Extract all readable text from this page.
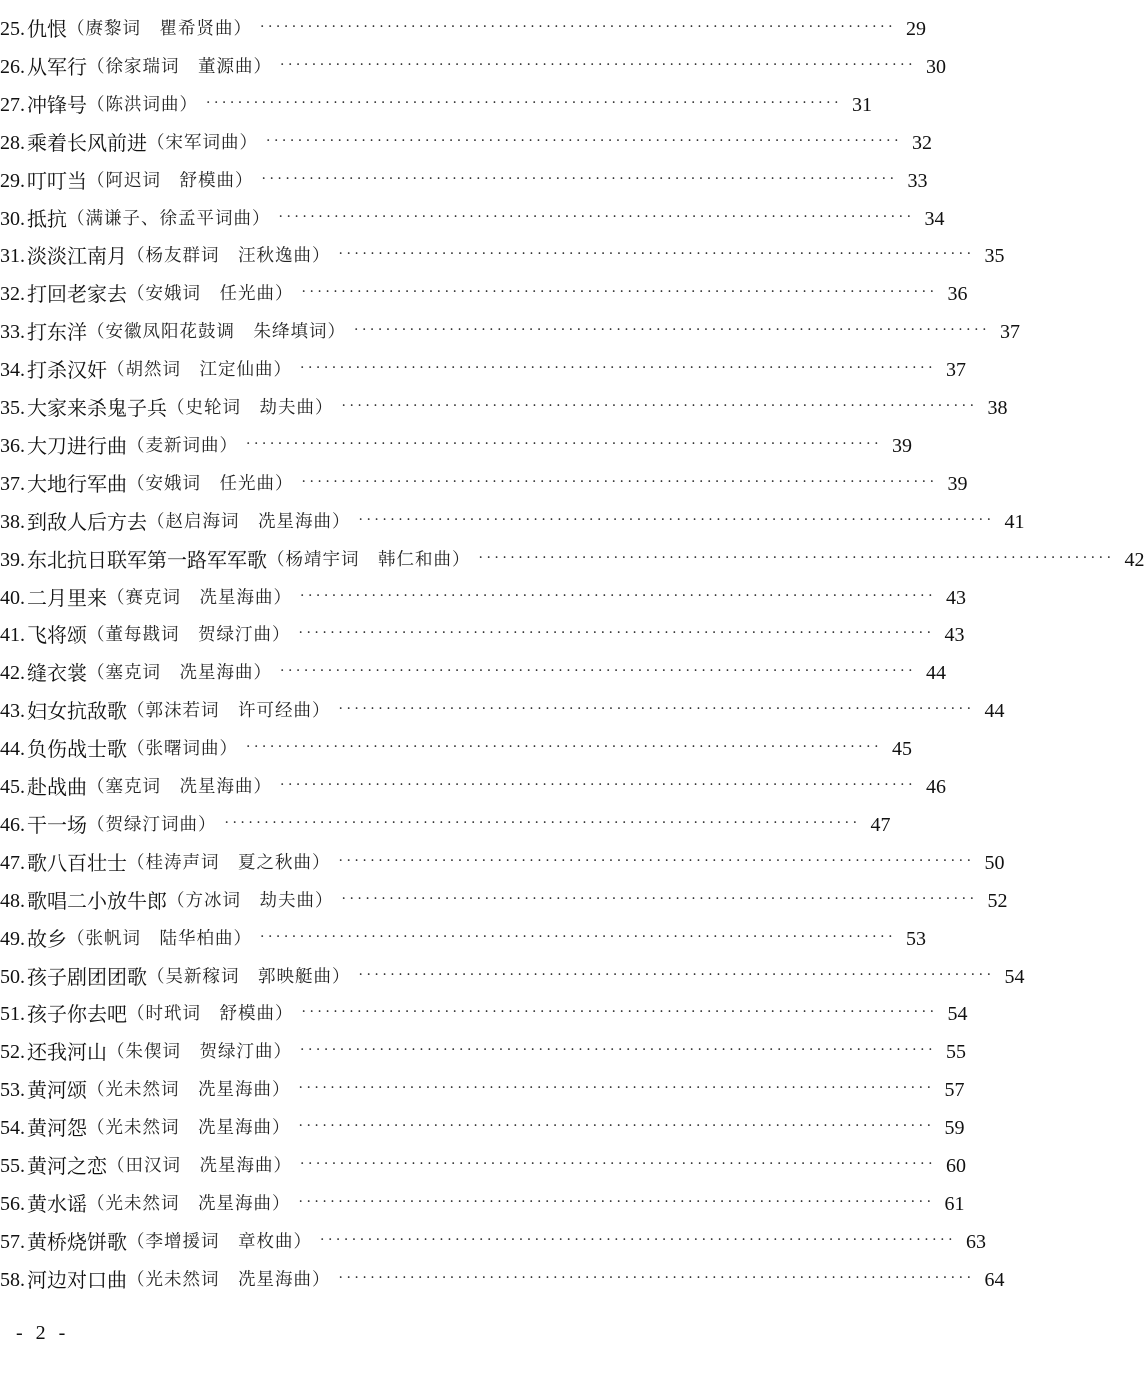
25. 仇恨 （赓黎词　瞿希贤曲） ················································································ 29
26. 从军行 （徐家瑞词　董源曲） ················································································ 30
27. 冲锋号 （陈洪词曲） ················································································ 31
28. 乘着长风前进 （宋军词曲） ················································································ 32
29. 叮叮当 （阿迟词　舒模曲） ················································································ 33
30. 抵抗 （满谦子、徐孟平词曲） ················································································ 34
31. 淡淡江南月 （杨友群词　汪秋逸曲） ················································································ 35
32. 打回老家去 （安娥词　任光曲） ················································································ 36
33. 打东洋 （安徽凤阳花鼓调　朱绛填词） ················································································ 37
34. 打杀汉奸 （胡然词　江定仙曲） ················································································ 37
35. 大家来杀鬼子兵 （史轮词　劫夫曲） ················································································ 38
36. 大刀进行曲 （麦新词曲） ················································································ 39
37. 大地行军曲 （安娥词　任光曲） ················································································ 39
38. 到敌人后方去 （赵启海词　冼星海曲） ················································································ 41
39. 东北抗日联军第一路军军歌 （杨靖宇词　韩仁和曲） ················································································ 42
40. 二月里来 （赛克词　冼星海曲） ················································································ 43
41. 飞将颂 （董每戡词　贺绿汀曲） ················································································ 43
42. 缝衣裳 （塞克词　冼星海曲） ················································································ 44
43. 妇女抗敌歌 （郭沫若词　许可经曲） ················································································ 44
44. 负伤战士歌 （张曙词曲） ················································································ 45
45. 赴战曲 （塞克词　冼星海曲） ················································································ 46
46. 干一场 （贺绿汀词曲） ················································································ 47
47. 歌八百壮士 （桂涛声词　夏之秋曲） ················································································ 50
48. 歌唱二小放牛郎 （方冰词　劫夫曲） ················································································ 52
49. 故乡 （张帆词　陆华柏曲） ················································································ 53
50. 孩子剧团团歌 （吴新稼词　郭映艇曲） ················································································ 54
51. 孩子你去吧 （时玳词　舒模曲） ················································································ 54
52. 还我河山 （朱偰词　贺绿汀曲） ················································································ 55
53. 黄河颂 （光未然词　冼星海曲） ················································································ 57
54. 黄河怨 （光未然词　冼星海曲） ················································································ 59
55. 黄河之恋 （田汉词　冼星海曲） ················································································ 60
56. 黄水谣 （光未然词　冼星海曲） ················································································ 61
57. 黄桥烧饼歌 （李增援词　章枚曲） ················································································ 63
58. 河边对口曲 （光未然词　冼星海曲） ················································································ 64
- 2 -
